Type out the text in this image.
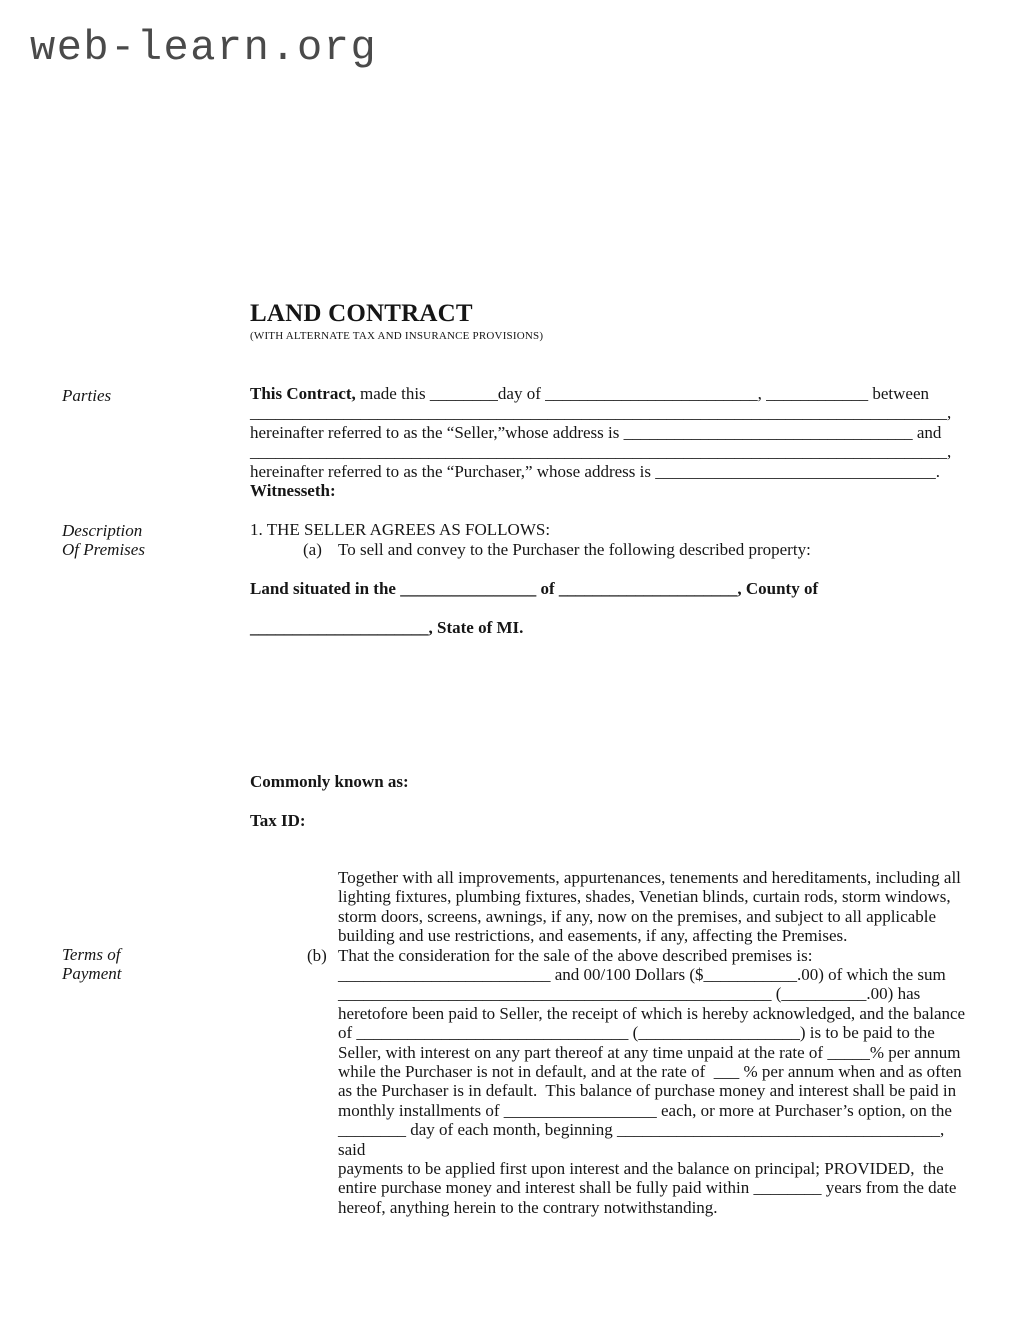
web-learn.org
LAND CONTRACT
(WITH ALTERNATE TAX AND INSURANCE PROVISIONS)
Parties
Description
Of Premises
Terms of
Payment
This Contract, made this ________day of _________________________, ____________ between
__________________________________________________________________________________,
hereinafter referred to as the “Seller,”whose address is __________________________________ and
__________________________________________________________________________________,
hereinafter referred to as the “Purchaser,” whose address is _________________________________.
Witnesseth:
1. THE SELLER AGREES AS FOLLOWS:
(a) To sell and convey to the Purchaser the following described property:
Land situated in the ________________ of _____________________, County of
_____________________, State of MI.
Commonly known as:
Tax ID:
Together with all improvements, appurtenances, tenements and hereditaments, including all
lighting fixtures, plumbing fixtures, shades, Venetian blinds, curtain rods, storm windows,
storm doors, screens, awnings, if any, now on the premises, and subject to all applicable
building and use restrictions, and easements, if any, affecting the Premises.
(b) That the consideration for the sale of the above described premises is:
_________________________ and 00/100 Dollars ($___________.00) of which the sum
___________________________________________________ (__________.00) has
heretofore been paid to Seller, the receipt of which is hereby acknowledged, and the balance
of ________________________________ (___________________) is to be paid to the
Seller, with interest on any part thereof at any time unpaid at the rate of _____% per annum
while the Purchaser is not in default, and at the rate of  ___ % per annum when and as often
as the Purchaser is in default.  This balance of purchase money and interest shall be paid in
monthly installments of __________________ each, or more at Purchaser’s option, on the
________ day of each month, beginning ______________________________________, said
payments to be applied first upon interest and the balance on principal; PROVIDED,  the
entire purchase money and interest shall be fully paid within ________ years from the date
hereof, anything herein to the contrary notwithstanding.
